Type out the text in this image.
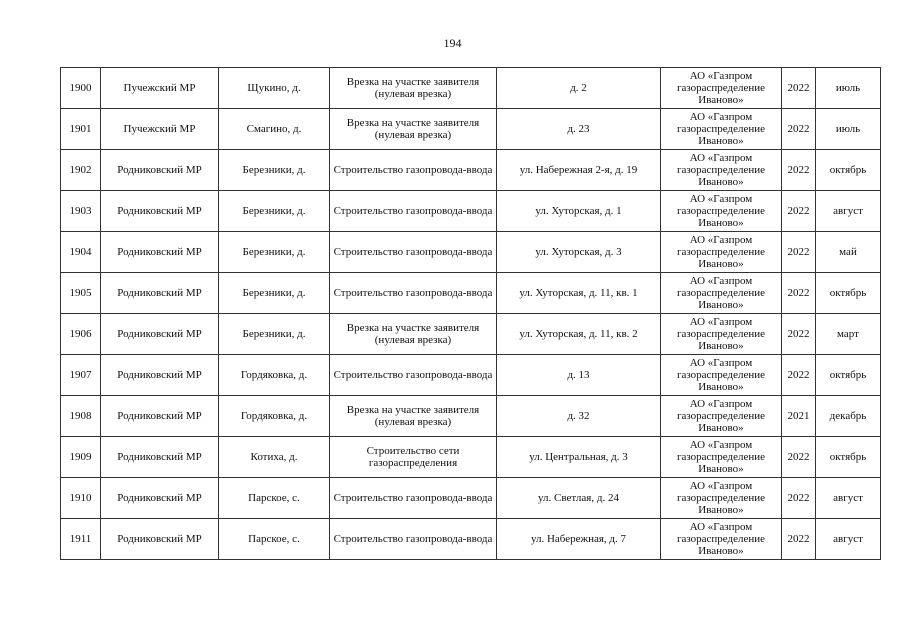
194
1900	Пучежский МР	Щукино, д.	Врезка на участке заявителя (нулевая врезка)	д. 2	АО «Газпром газораспределение Иваново»	2022	июль
1901	Пучежский МР	Смагино, д.	Врезка на участке заявителя (нулевая врезка)	д. 23	АО «Газпром газораспределение Иваново»	2022	июль
1902	Родниковский МР	Березники, д.	Строительство газопровода-ввода	ул. Набережная 2-я, д. 19	АО «Газпром газораспределение Иваново»	2022	октябрь
1903	Родниковский МР	Березники, д.	Строительство газопровода-ввода	ул. Хуторская, д. 1	АО «Газпром газораспределение Иваново»	2022	август
1904	Родниковский МР	Березники, д.	Строительство газопровода-ввода	ул. Хуторская, д. 3	АО «Газпром газораспределение Иваново»	2022	май
1905	Родниковский МР	Березники, д.	Строительство газопровода-ввода	ул. Хуторская, д. 11, кв. 1	АО «Газпром газораспределение Иваново»	2022	октябрь
1906	Родниковский МР	Березники, д.	Врезка на участке заявителя (нулевая врезка)	ул. Хуторская, д. 11, кв. 2	АО «Газпром газораспределение Иваново»	2022	март
1907	Родниковский МР	Гордяковка, д.	Строительство газопровода-ввода	д. 13	АО «Газпром газораспределение Иваново»	2022	октябрь
1908	Родниковский МР	Гордяковка, д.	Врезка на участке заявителя (нулевая врезка)	д. 32	АО «Газпром газораспределение Иваново»	2021	декабрь
1909	Родниковский МР	Котиха, д.	Строительство сети газораспределения	ул. Центральная, д. 3	АО «Газпром газораспределение Иваново»	2022	октябрь
1910	Родниковский МР	Парское, с.	Строительство газопровода-ввода	ул. Светлая, д. 24	АО «Газпром газораспределение Иваново»	2022	август
1911	Родниковский МР	Парское, с.	Строительство газопровода-ввода	ул. Набережная, д. 7	АО «Газпром газораспределение Иваново»	2022	август
